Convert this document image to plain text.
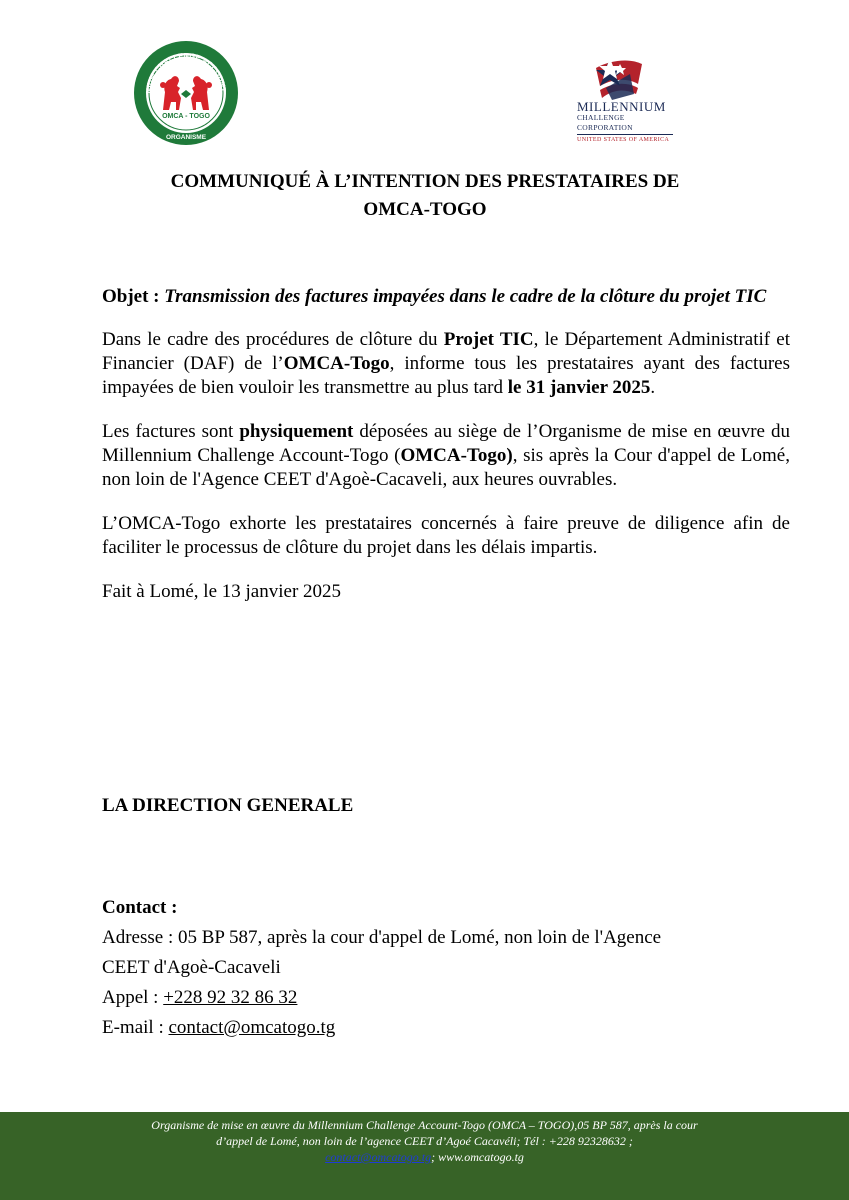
NIUM CHALLENGE ACCOUNT
OMCA - TOGO
ORGANISME
MILLENNIUM
CHALLENGE CORPORATION
UNITED STATES OF AMERICA
COMMUNIQUÉ À L’INTENTION DES PRESTATAIRES DE
OMCA-TOGO

Objet : Transmission des factures impayées dans le cadre de la clôture du projet TIC

Dans le cadre des procédures de clôture du Projet TIC, le Département Administratif et Financier (DAF) de l’OMCA-Togo, informe tous les prestataires ayant des factures impayées de bien vouloir les transmettre au plus tard le 31 janvier 2025.

Les factures sont physiquement déposées au siège de l’Organisme de mise en œuvre du Millennium Challenge Account-Togo (OMCA-Togo), sis après la Cour d'appel de Lomé, non loin de l'Agence CEET d'Agoè-Cacaveli, aux heures ouvrables.

L’OMCA-Togo exhorte les prestataires concernés à faire preuve de diligence afin de faciliter le processus de clôture du projet dans les délais impartis.

Fait à Lomé, le 13 janvier 2025

LA DIRECTION GENERALE
Contact :
Adresse : 05 BP 587, après la cour d'appel de Lomé, non loin de l'Agence
CEET d'Agoè-Cacaveli
Appel : +228 92 32 86 32
E-mail : contact@omcatogo.tg
Organisme de mise en œuvre du Millennium Challenge Account-Togo (OMCA – TOGO),05 BP 587, après la cour
d’appel de Lomé, non loin de l’agence CEET d’Agoé Cacavéli; Tél : +228 92328632 ;
contact@omcatogo.tg; www.omcatogo.tg
